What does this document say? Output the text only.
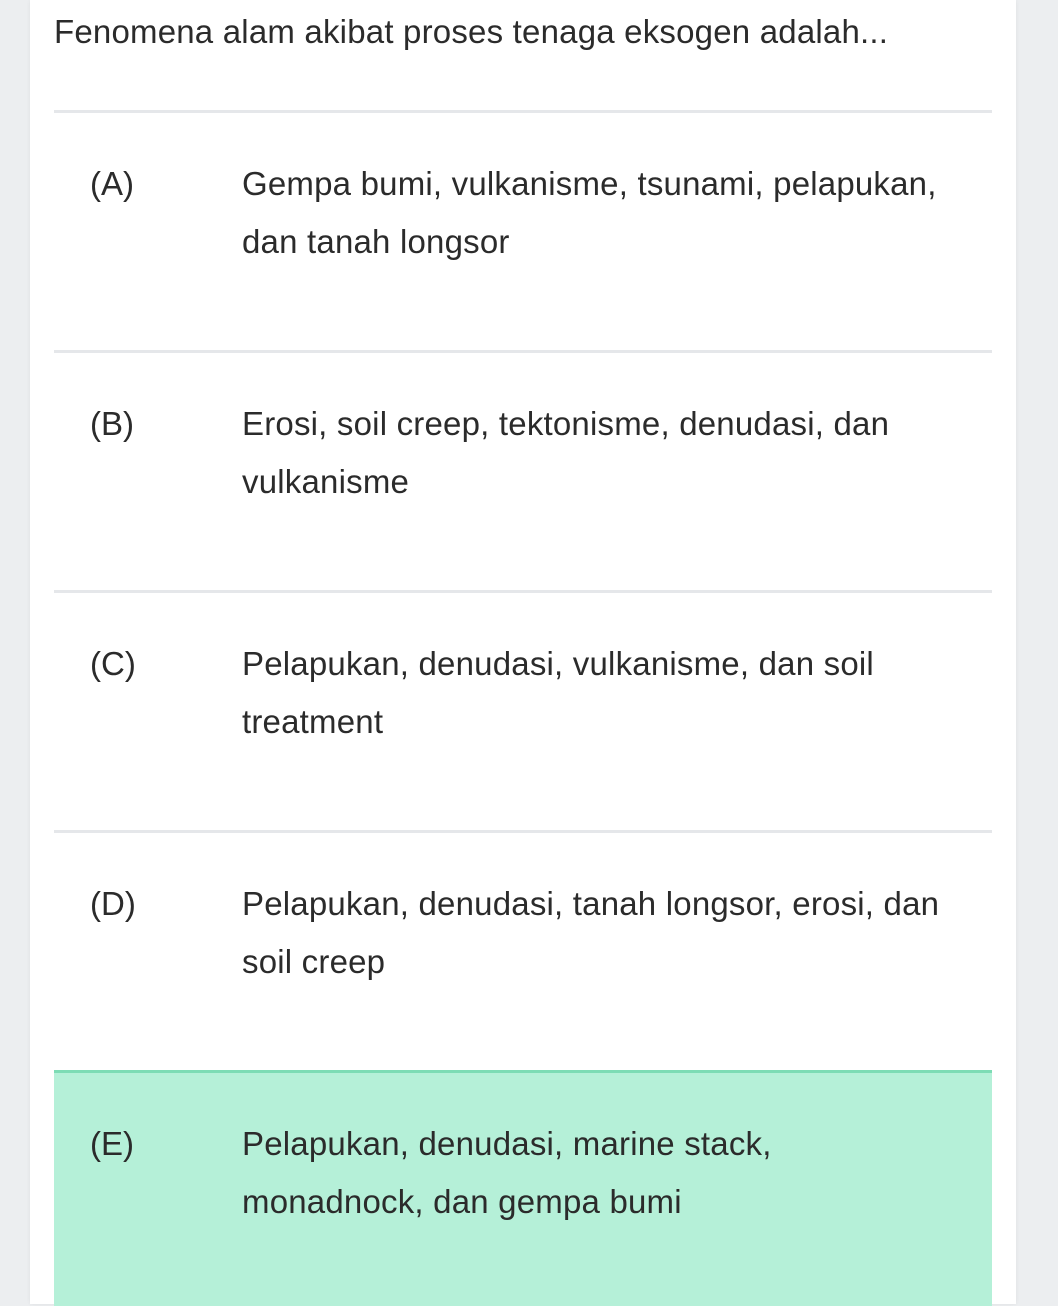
Fenomena alam akibat proses tenaga eksogen adalah...

(A)	Gempa bumi, vulkanisme, tsunami, pelapukan, dan tanah longsor
(B)	Erosi, soil creep, tektonisme, denudasi, dan vulkanisme
(C)	Pelapukan, denudasi, vulkanisme, dan soil treatment
(D)	Pelapukan, denudasi, tanah longsor, erosi, dan soil creep
(E)	Pelapukan, denudasi, marine stack, monadnock, dan gempa bumi
